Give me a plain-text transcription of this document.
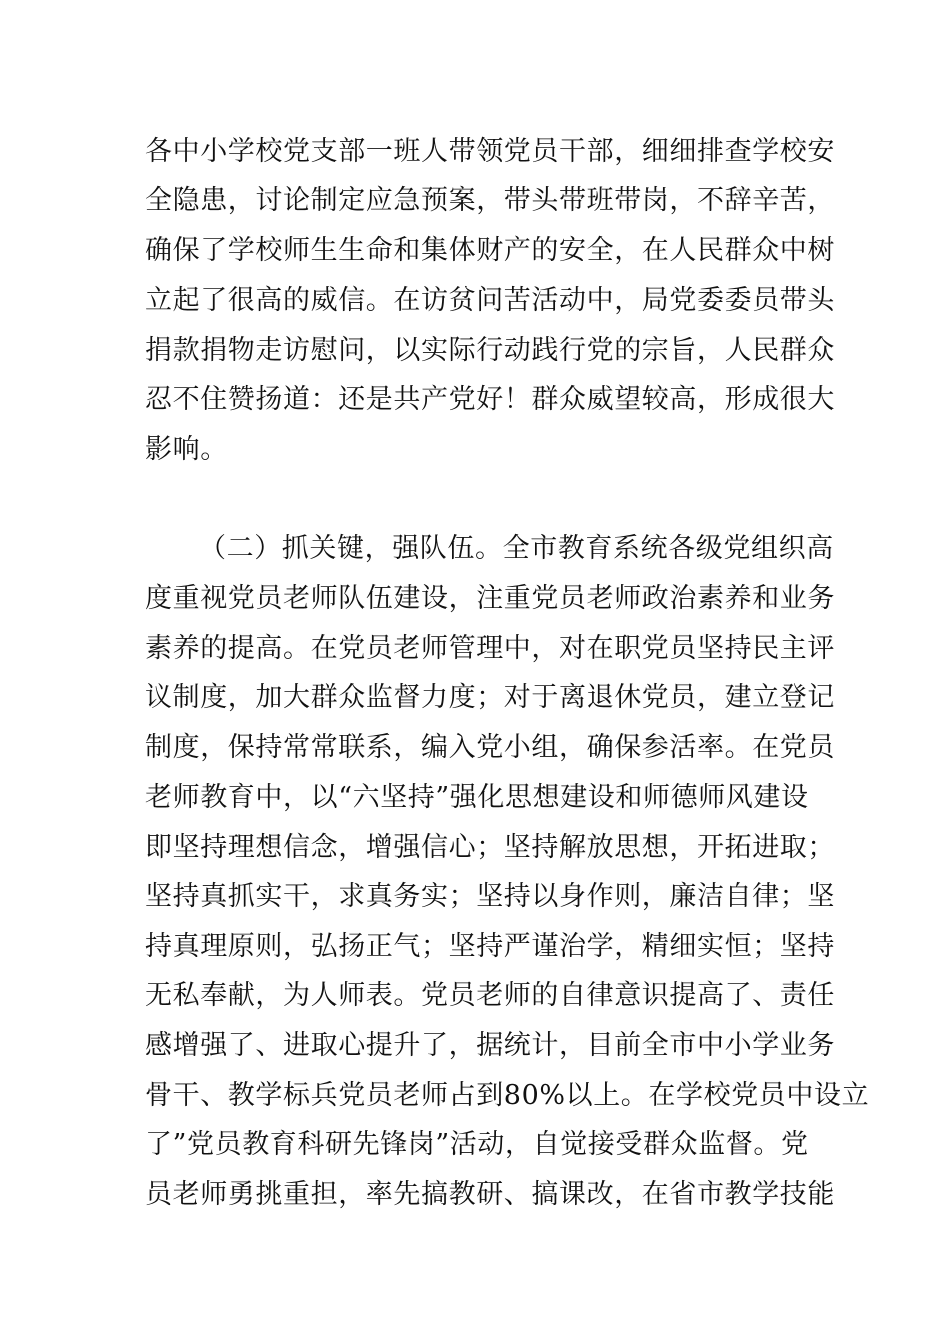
各中小学校党支部一班人带领党员干部，细细排查学校安
全隐患，讨论制定应急预案，带头带班带岗，不辞辛苦，
确保了学校师生生命和集体财产的安全，在人民群众中树
立起了很高的威信。在访贫问苦活动中，局党委委员带头
捐款捐物走访慰问，以实际行动践行党的宗旨，人民群众
忍不住赞扬道：还是共产党好！群众威望较高，形成很大
影响。
（二）抓关键，强队伍。全市教育系统各级党组织高
度重视党员老师队伍建设，注重党员老师政治素养和业务
素养的提高。在党员老师管理中，对在职党员坚持民主评
议制度，加大群众监督力度；对于离退休党员，建立登记
制度，保持常常联系，编入党小组，确保参活率。在党员
老师教育中，以“六坚持”强化思想建设和师德师风建设
即坚持理想信念，增强信心；坚持解放思想，开拓进取；
坚持真抓实干，求真务实；坚持以身作则，廉洁自律；坚
持真理原则，弘扬正气；坚持严谨治学，精细实恒；坚持
无私奉献，为人师表。党员老师的自律意识提高了、责任
感增强了、进取心提升了，据统计，目前全市中小学业务
骨干、教学标兵党员老师占到80%以上。在学校党员中设立
了”党员教育科研先锋岗”活动，自觉接受群众监督。党
员老师勇挑重担，率先搞教研、搞课改，在省市教学技能
